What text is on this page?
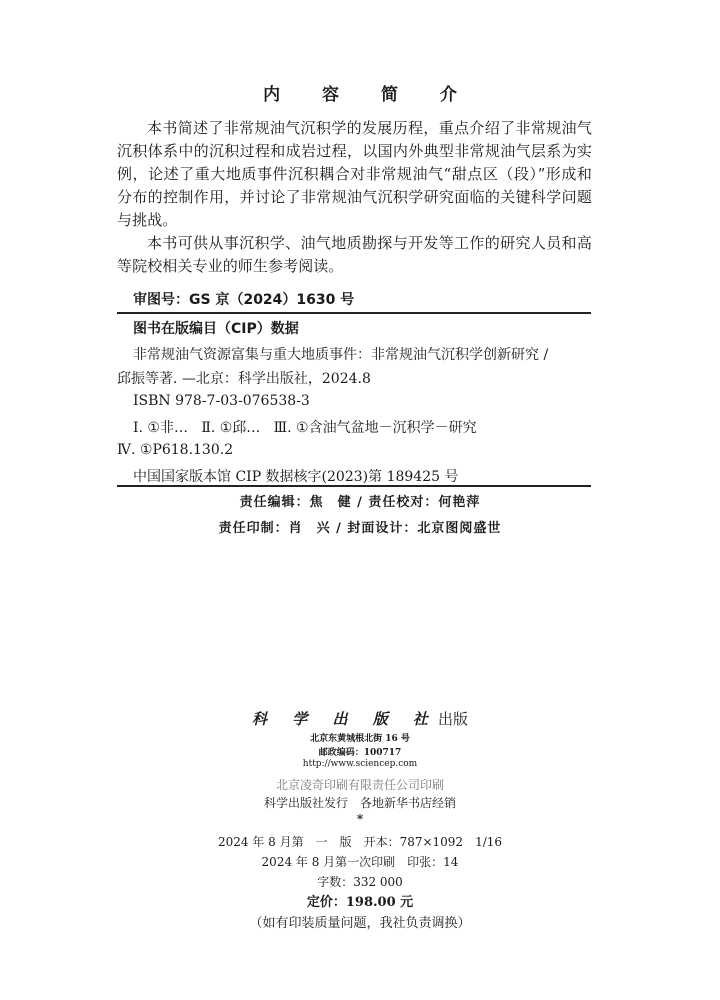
内 容 简 介

本书简述了非常规油气沉积学的发展历程，重点介绍了非常规油气沉积体系中的沉积过程和成岩过程，以国内外典型非常规油气层系为实例，论述了重大地质事件沉积耦合对非常规油气“甜点区（段）”形成和分布的控制作用，并讨论了非常规油气沉积学研究面临的关键科学问题与挑战。

本书可供从事沉积学、油气地质勘探与开发等工作的研究人员和高等院校相关专业的师生参考阅读。

审图号：GS 京（2024）1630 号
图书在版编目（CIP）数据
非常规油气资源富集与重大地质事件：非常规油气沉积学创新研究 /
邱振等著. —北京：科学出版社，2024.8
ISBN 978-7-03-076538-3
Ⅰ. ①非…   Ⅱ. ①邱…   Ⅲ. ①含油气盆地－沉积学－研究
Ⅳ. ①P618.130.2
中国国家版本馆 CIP 数据核字(2023)第 189425 号
责任编辑：焦　健 / 责任校对：何艳萍
责任印制：肖　兴 / 封面设计：北京图阅盛世
科 学 出 版 社出版
北京东黄城根北街 16 号
邮政编码：100717
http://www.sciencep.com
北京凌奇印刷有限责任公司印刷
科学出版社发行　各地新华书店经销
*
2024 年 8 月第　一　版　开本：787×1092　1/16
2024 年 8 月第一次印刷　印张：14
字数：332 000
定价：198.00 元
（如有印装质量问题，我社负责调换）
